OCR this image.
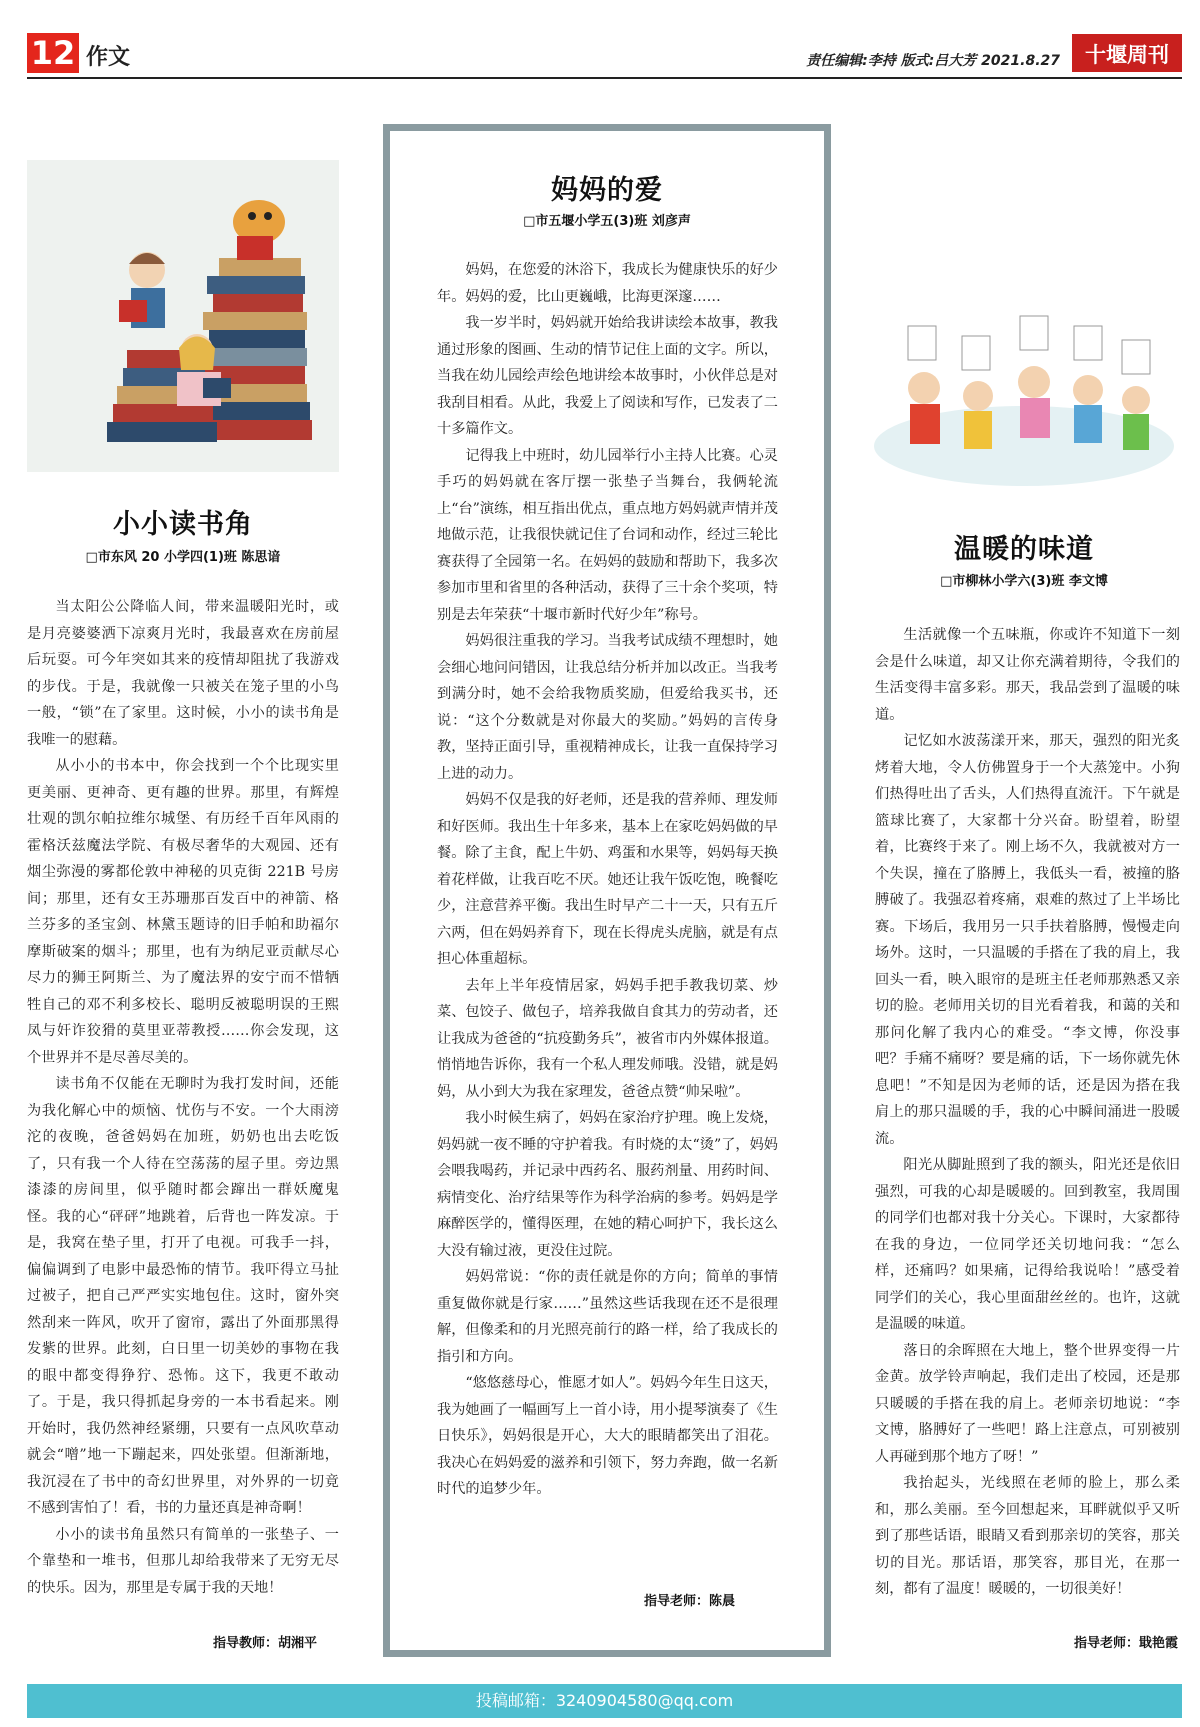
12 作文	责任编辑:李持 版式:吕大芳 2021.8.27	十堰周刊
小小读书角
□市东风 20 小学四(1)班 陈思谙

当太阳公公降临人间，带来温暖阳光时，或是月亮婆婆洒下凉爽月光时，我最喜欢在房前屋后玩耍。可今年突如其来的疫情却阻扰了我游戏的步伐。于是，我就像一只被关在笼子里的小鸟一般，“锁”在了家里。这时候，小小的读书角是我唯一的慰藉。

从小小的书本中，你会找到一个个比现实里更美丽、更神奇、更有趣的世界。那里，有辉煌壮观的凯尔帕拉维尔城堡、有历经千百年风雨的霍格沃兹魔法学院、有极尽奢华的大观园、还有烟尘弥漫的雾都伦敦中神秘的贝克街 221B 号房间；那里，还有女王苏珊那百发百中的神箭、格兰芬多的圣宝剑、林黛玉题诗的旧手帕和助福尔摩斯破案的烟斗；那里，也有为纳尼亚贡献尽心尽力的狮王阿斯兰、为了魔法界的安宁而不惜牺牲自己的邓不利多校长、聪明反被聪明误的王熙凤与奸诈狡猾的莫里亚蒂教授……你会发现，这个世界并不是尽善尽美的。

读书角不仅能在无聊时为我打发时间，还能为我化解心中的烦恼、忧伤与不安。一个大雨滂沱的夜晚，爸爸妈妈在加班，奶奶也出去吃饭了，只有我一个人待在空荡荡的屋子里。旁边黑漆漆的房间里，似乎随时都会蹿出一群妖魔鬼怪。我的心“砰砰”地跳着，后背也一阵发凉。于是，我窝在垫子里，打开了电视。可我手一抖，偏偏调到了电影中最恐怖的情节。我吓得立马扯过被子，把自己严严实实地包住。这时，窗外突然刮来一阵风，吹开了窗帘，露出了外面那黑得发紫的世界。此刻，白日里一切美妙的事物在我的眼中都变得狰狞、恐怖。这下，我更不敢动了。于是，我只得抓起身旁的一本书看起来。刚开始时，我仍然神经紧绷，只要有一点风吹草动就会“噌”地一下蹦起来，四处张望。但渐渐地，我沉浸在了书中的奇幻世界里，对外界的一切竟不感到害怕了！看，书的力量还真是神奇啊！

小小的读书角虽然只有简单的一张垫子、一个靠垫和一堆书，但那儿却给我带来了无穷无尽的快乐。因为，那里是专属于我的天地！

指导教师：胡湘平
妈妈的爱
□市五堰小学五(3)班 刘彦声

妈妈，在您爱的沐浴下，我成长为健康快乐的好少年。妈妈的爱，比山更巍峨，比海更深邃……

我一岁半时，妈妈就开始给我讲读绘本故事，教我通过形象的图画、生动的情节记住上面的文字。所以，当我在幼儿园绘声绘色地讲绘本故事时，小伙伴总是对我刮目相看。从此，我爱上了阅读和写作，已发表了二十多篇作文。

记得我上中班时，幼儿园举行小主持人比赛。心灵手巧的妈妈就在客厅摆一张垫子当舞台，我俩轮流上“台”演练，相互指出优点，重点地方妈妈就声情并茂地做示范，让我很快就记住了台词和动作，经过三轮比赛获得了全园第一名。在妈妈的鼓励和帮助下，我多次参加市里和省里的各种活动，获得了三十余个奖项，特别是去年荣获“十堰市新时代好少年”称号。

妈妈很注重我的学习。当我考试成绩不理想时，她会细心地问问错因，让我总结分析并加以改正。当我考到满分时，她不会给我物质奖励，但爱给我买书，还说：“这个分数就是对你最大的奖励。”妈妈的言传身教，坚持正面引导，重视精神成长，让我一直保持学习上进的动力。

妈妈不仅是我的好老师，还是我的营养师、理发师和好医师。我出生十年多来，基本上在家吃妈妈做的早餐。除了主食，配上牛奶、鸡蛋和水果等，妈妈每天换着花样做，让我百吃不厌。她还让我午饭吃饱，晚餐吃少，注意营养平衡。我出生时早产二十一天，只有五斤六两，但在妈妈养育下，现在长得虎头虎脑，就是有点担心体重超标。

去年上半年疫情居家，妈妈手把手教我切菜、炒菜、包饺子、做包子，培养我做自食其力的劳动者，还让我成为爸爸的“抗疫勤务兵”，被省市内外媒体报道。悄悄地告诉你，我有一个私人理发师哦。没错，就是妈妈，从小到大为我在家理发，爸爸点赞“帅呆啦”。

我小时候生病了，妈妈在家治疗护理。晚上发烧，妈妈就一夜不睡的守护着我。有时烧的太“烫”了，妈妈会喂我喝药，并记录中西药名、服药剂量、用药时间、病情变化、治疗结果等作为科学治病的参考。妈妈是学麻醉医学的，懂得医理，在她的精心呵护下，我长这么大没有输过液，更没住过院。

妈妈常说：“你的责任就是你的方向；简单的事情重复做你就是行家……”虽然这些话我现在还不是很理解，但像柔和的月光照亮前行的路一样，给了我成长的指引和方向。

“悠悠慈母心，惟愿才如人”。妈妈今年生日这天，我为她画了一幅画写上一首小诗，用小提琴演奏了《生日快乐》，妈妈很是开心，大大的眼睛都笑出了泪花。我决心在妈妈爱的滋养和引领下，努力奔跑，做一名新时代的追梦少年。

指导老师：陈晨
温暖的味道
□市柳林小学六(3)班 李文博

生活就像一个五味瓶，你或许不知道下一刻会是什么味道，却又让你充满着期待，令我们的生活变得丰富多彩。那天，我品尝到了温暖的味道。

记忆如水波荡漾开来，那天，强烈的阳光炙烤着大地，令人仿佛置身于一个大蒸笼中。小狗们热得吐出了舌头，人们热得直流汗。下午就是篮球比赛了，大家都十分兴奋。盼望着，盼望着，比赛终于来了。刚上场不久，我就被对方一个失误，撞在了胳膊上，我低头一看，被撞的胳膊破了。我强忍着疼痛，艰难的熬过了上半场比赛。下场后，我用另一只手扶着胳膊，慢慢走向场外。这时，一只温暖的手搭在了我的肩上，我回头一看，映入眼帘的是班主任老师那熟悉又亲切的脸。老师用关切的目光看着我，和蔼的关和那问化解了我内心的难受。“李文博，你没事吧？手痛不痛呀？要是痛的话，下一场你就先休息吧！”不知是因为老师的话，还是因为搭在我肩上的那只温暖的手，我的心中瞬间涌进一股暖流。

阳光从脚趾照到了我的额头，阳光还是依旧强烈，可我的心却是暖暖的。回到教室，我周围的同学们也都对我十分关心。下课时，大家都待在我的身边，一位同学还关切地问我：“怎么样，还痛吗？如果痛，记得给我说哈！”感受着同学们的关心，我心里面甜丝丝的。也许，这就是温暖的味道。

落日的余晖照在大地上，整个世界变得一片金黄。放学铃声响起，我们走出了校园，还是那只暖暖的手搭在我的肩上。老师亲切地说：“李文博，胳膊好了一些吧！路上注意点，可别被别人再碰到那个地方了呀！”

我抬起头，光线照在老师的脸上，那么柔和，那么美丽。至今回想起来，耳畔就似乎又听到了那些话语，眼睛又看到那亲切的笑容，那关切的目光。那话语，那笑容，那目光，在那一刻，都有了温度！暖暖的，一切很美好！

指导老师：戢艳霞
投稿邮箱：3240904580@qq.com
